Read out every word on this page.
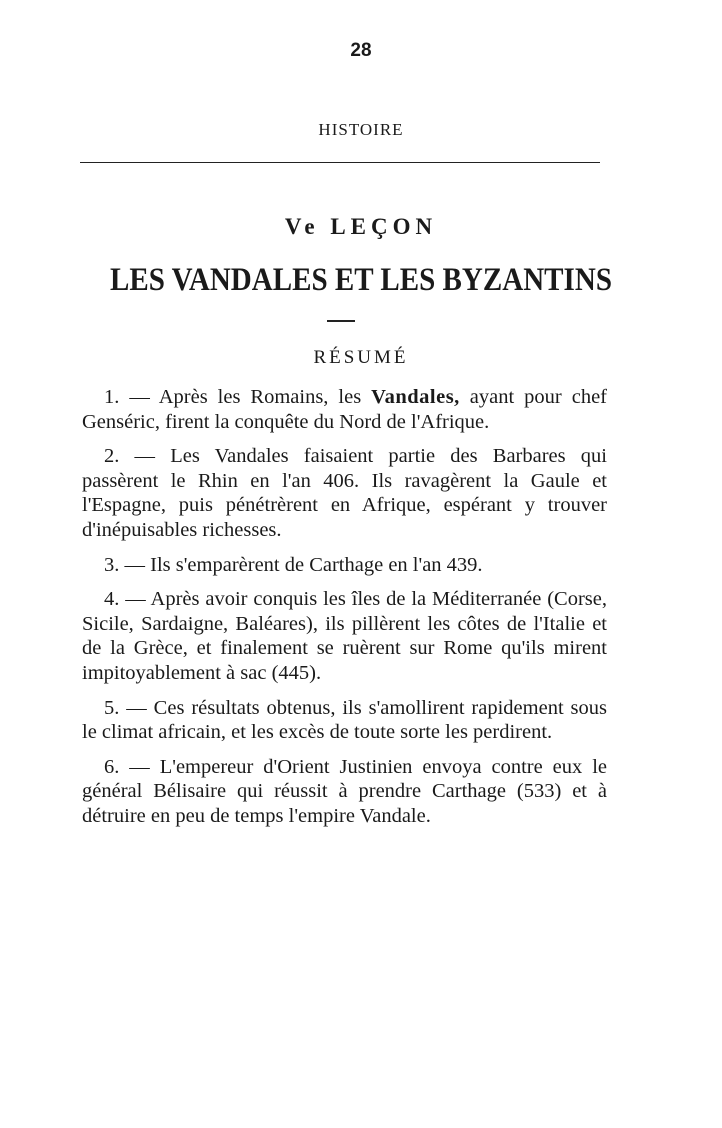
28
HISTOIRE
Ve LEÇON
LES VANDALES ET LES BYZANTINS
RÉSUMÉ

1. — Après les Romains, les Vandales, ayant pour chef Genséric, firent la conquête du Nord de l'Afrique.

2. — Les Vandales faisaient partie des Barbares qui passèrent le Rhin en l'an 406. Ils ravagèrent la Gaule et l'Espagne, puis pénétrèrent en Afrique, espérant y trouver d'inépuisables richesses.

3. — Ils s'emparèrent de Carthage en l'an 439.

4. — Après avoir conquis les îles de la Méditerranée (Corse, Sicile, Sardaigne, Baléares), ils pillèrent les côtes de l'Italie et de la Grèce, et finalement se ruèrent sur Rome qu'ils mirent impitoyablement à sac (445).

5. — Ces résultats obtenus, ils s'amollirent rapidement sous le climat africain, et les excès de toute sorte les perdirent.

6. — L'empereur d'Orient Justinien envoya contre eux le général Bélisaire qui réussit à prendre Carthage (533) et à détruire en peu de temps l'empire Vandale.
